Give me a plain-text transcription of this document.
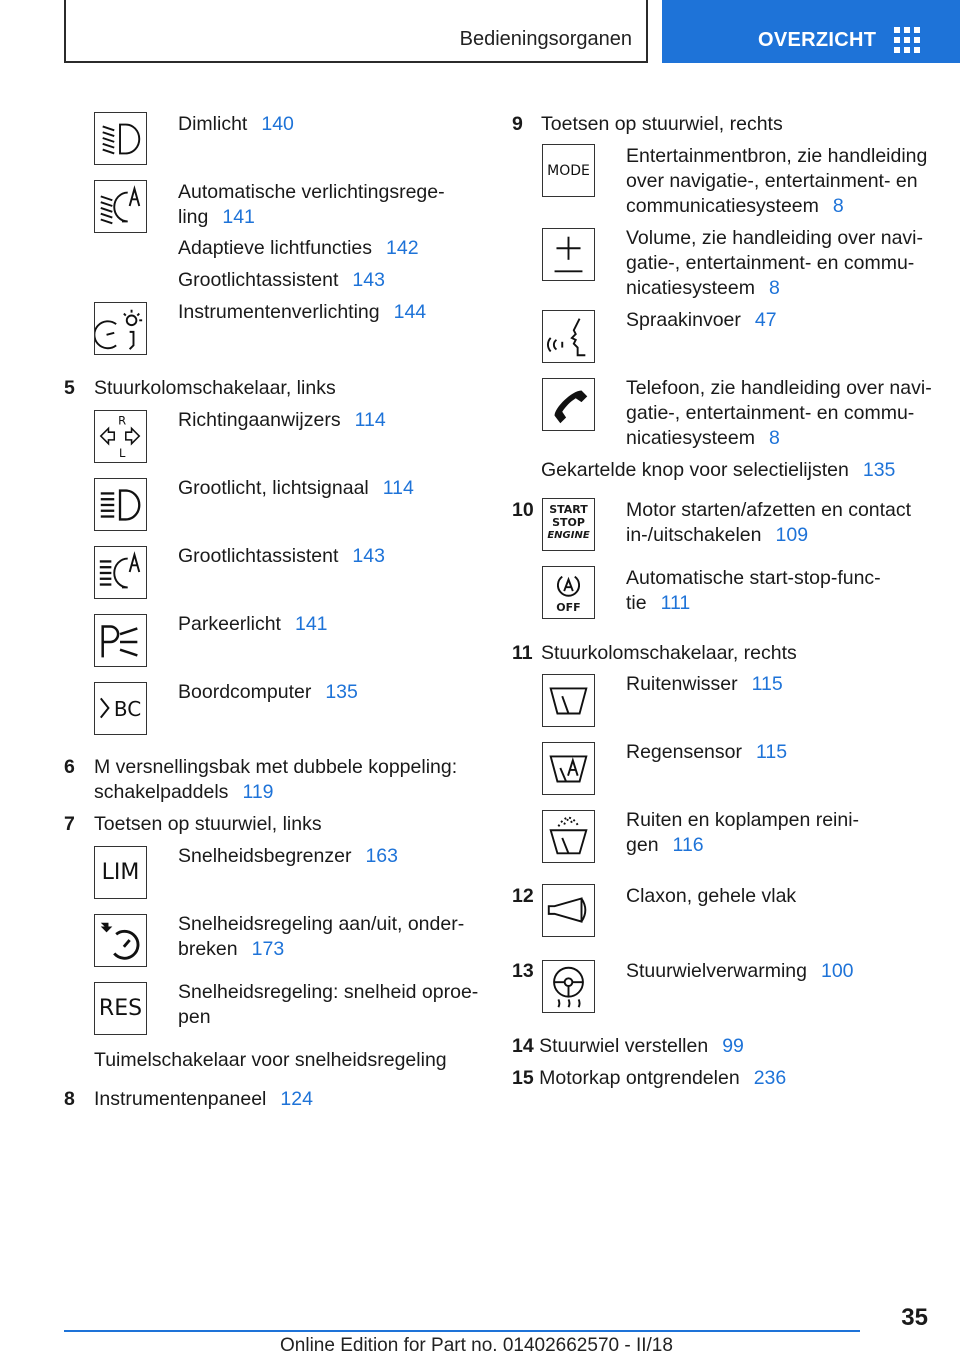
Bedieningsorganen	OVERZICHT
Dimlicht 140
Automatische verlichtingsrege-
ling 141
Adaptieve lichtfuncties 142
Grootlichtassistent 143
Instrumentenverlichting 144
5 Stuurkolomschakelaar, links
R
L
Richtingaanwijzers 114
Grootlicht, lichtsignaal 114
Grootlichtassistent 143
Parkeerlicht 141
BC
Boordcomputer 135
6 M versnellingsbak met dubbele koppeling:
schakelpaddels 119
7 Toetsen op stuurwiel, links
LIM
Snelheidsbegrenzer 163
Snelheidsregeling aan/uit, onder-
breken 173
RES
Snelheidsregeling: snelheid oproe-
pen
Tuimelschakelaar voor snelheidsregeling
8 Instrumentenpaneel 124
9 Toetsen op stuurwiel, rechts
MODE
Entertainmentbron, zie handleiding
over navigatie-, entertainment- en
communicatiesysteem 8
Volume, zie handleiding over navi-
gatie-, entertainment- en commu-
nicatiesysteem 8
Spraakinvoer 47
Telefoon, zie handleiding over navi-
gatie-, entertainment- en commu-
nicatiesysteem 8
Gekartelde knop voor selectielijsten 135
10	START
STOP
ENGINE
Motor starten/afzetten en contact
in-/uitschakelen 109
OFF
Automatische start-stop-func-
tie 111
11 Stuurkolomschakelaar, rechts
Ruitenwisser 115
Regensensor 115
Ruiten en koplampen reini-
gen 116
12	Claxon, gehele vlak
13	Stuurwielverwarming 100
14 Stuurwiel verstellen 99
15 Motorkap ontgrendelen 236
35
Online Edition for Part no. 01402662570 - II/18
